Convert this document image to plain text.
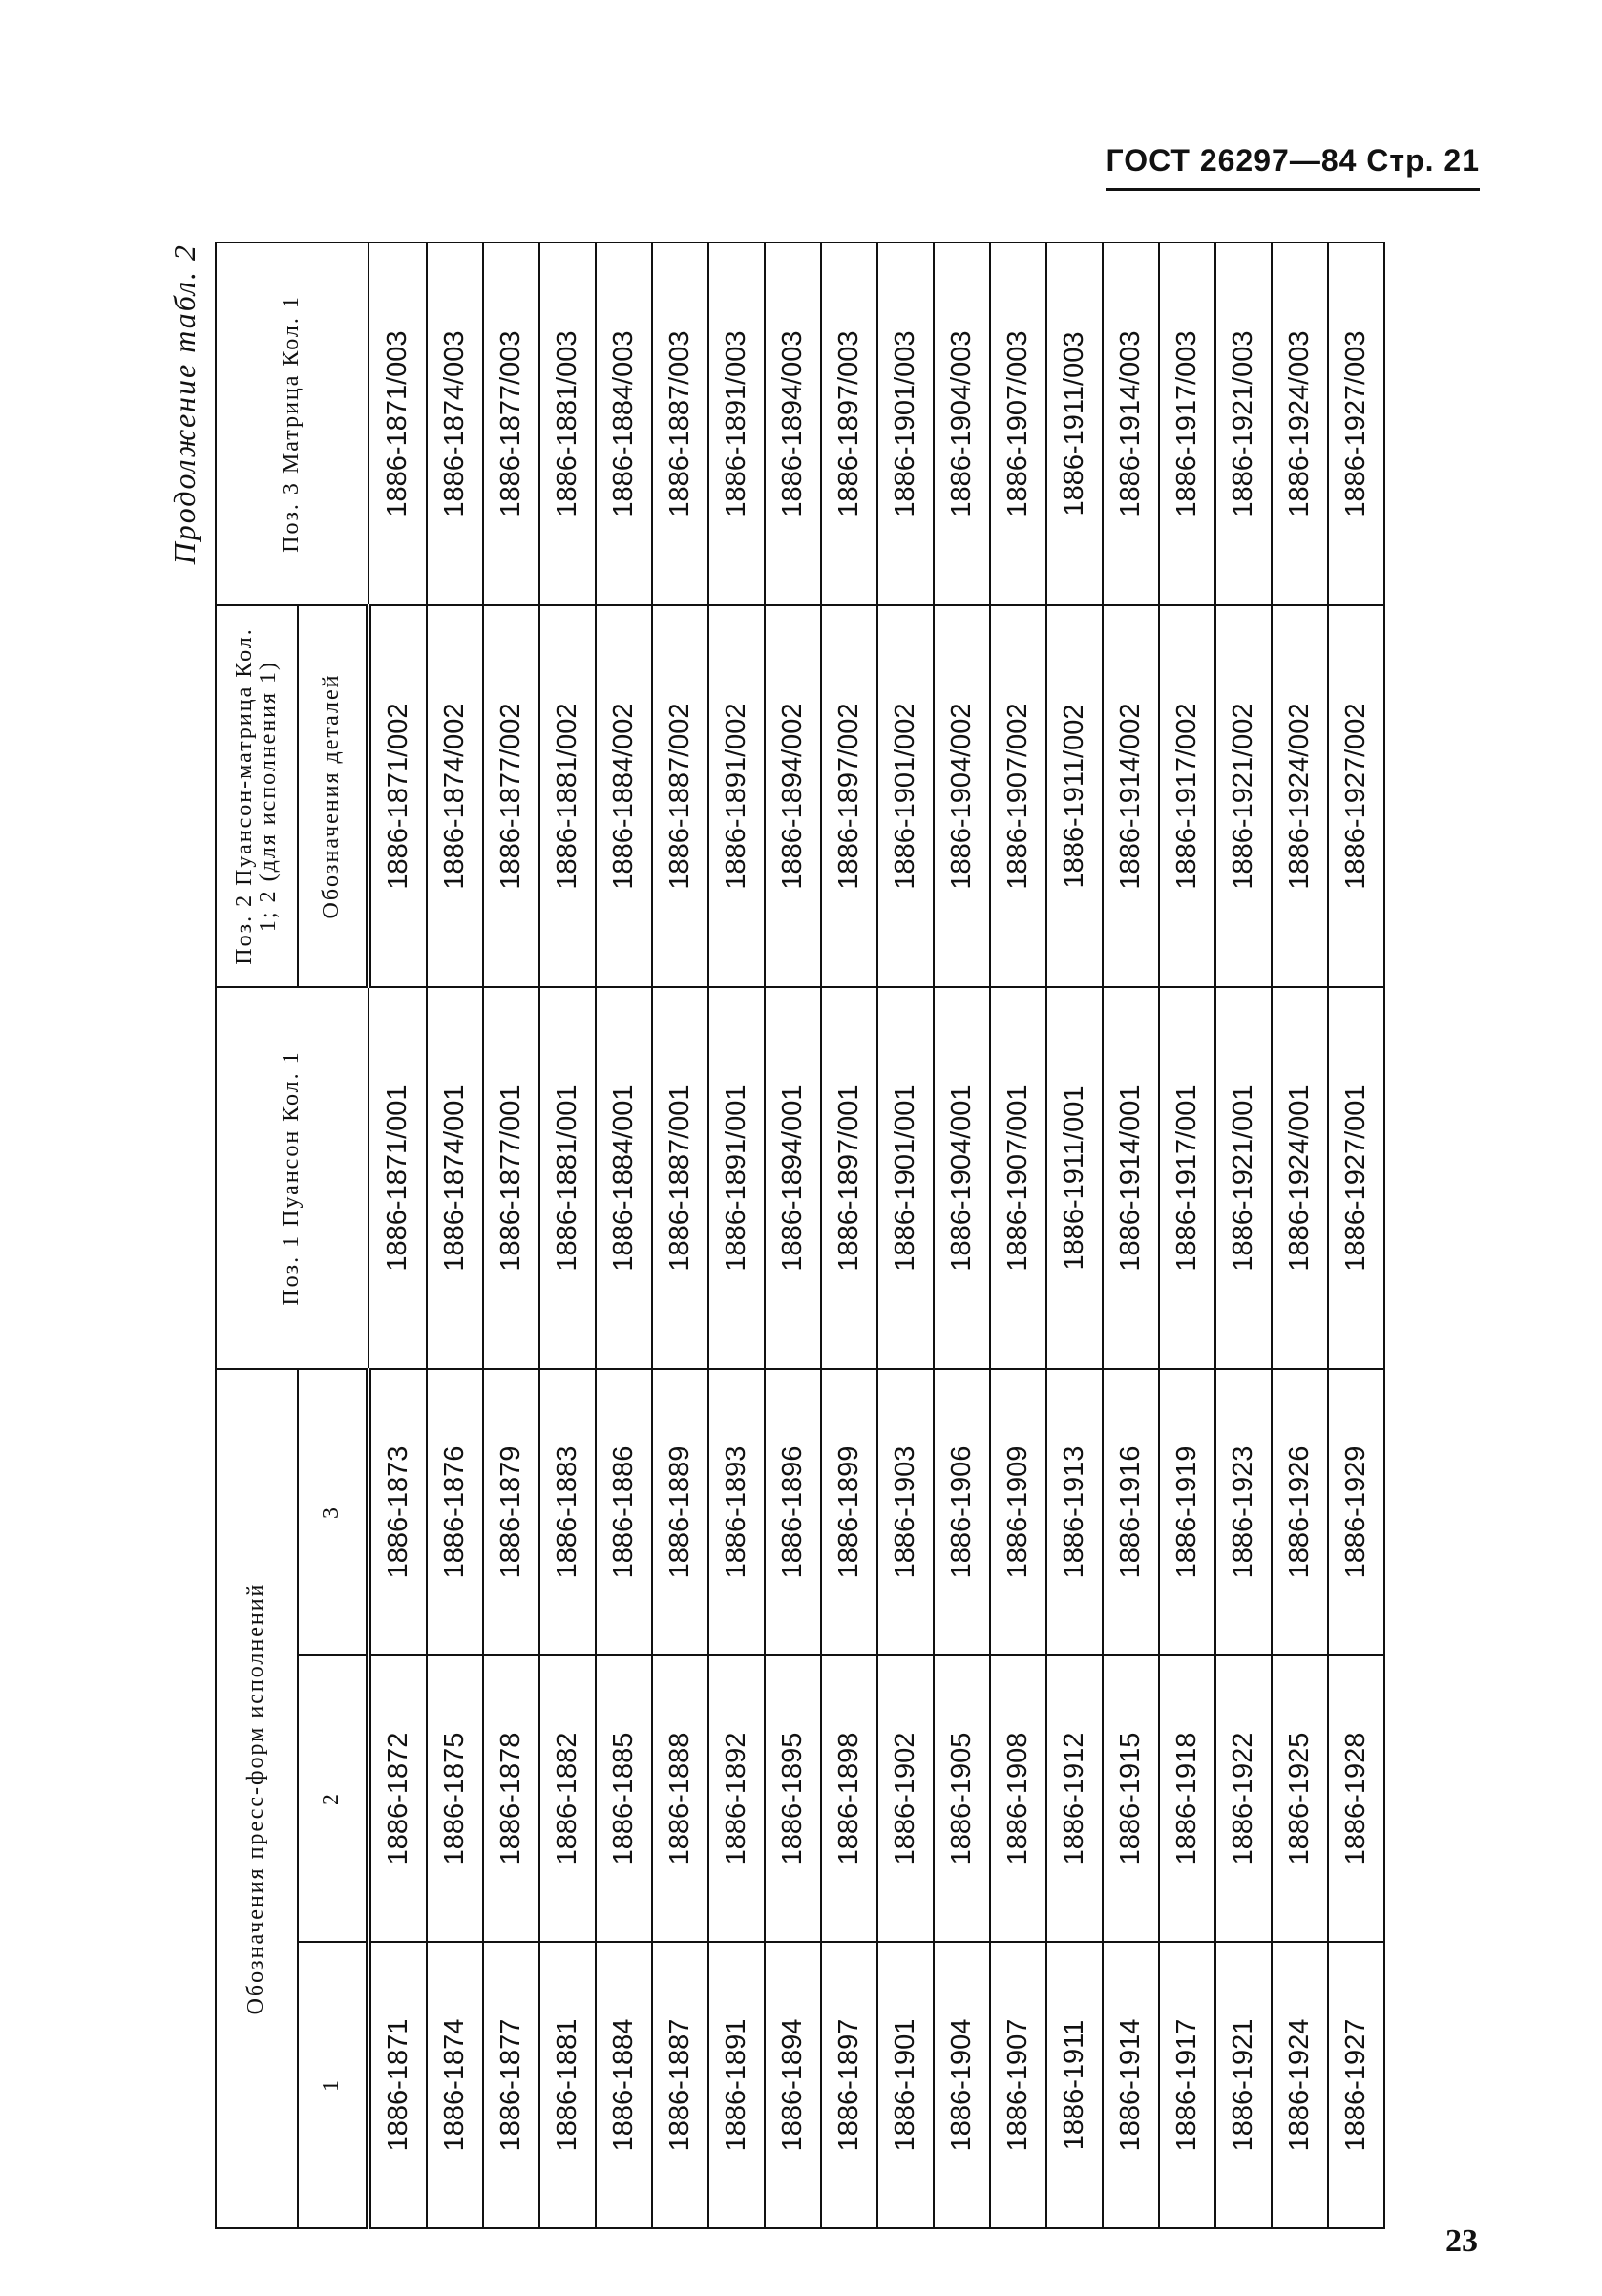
ГОСТ 26297—84 Стр. 21
Продолжение табл. 2
Обозначения пресс-форм исполнений			Поз. 1 Пуансон Кол. 1	Поз. 2 Пуансон-матрица Кол. 1; 2 (для исполнения 1)	Поз. 3 Матрица Кол. 1
1	2	3		Обозначения деталей	
1886-1871	1886-1872	1886-1873	1886-1871/001	1886-1871/002	1886-1871/003
1886-1874	1886-1875	1886-1876	1886-1874/001	1886-1874/002	1886-1874/003
1886-1877	1886-1878	1886-1879	1886-1877/001	1886-1877/002	1886-1877/003
1886-1881	1886-1882	1886-1883	1886-1881/001	1886-1881/002	1886-1881/003
1886-1884	1886-1885	1886-1886	1886-1884/001	1886-1884/002	1886-1884/003
1886-1887	1886-1888	1886-1889	1886-1887/001	1886-1887/002	1886-1887/003
1886-1891	1886-1892	1886-1893	1886-1891/001	1886-1891/002	1886-1891/003
1886-1894	1886-1895	1886-1896	1886-1894/001	1886-1894/002	1886-1894/003
1886-1897	1886-1898	1886-1899	1886-1897/001	1886-1897/002	1886-1897/003
1886-1901	1886-1902	1886-1903	1886-1901/001	1886-1901/002	1886-1901/003
1886-1904	1886-1905	1886-1906	1886-1904/001	1886-1904/002	1886-1904/003
1886-1907	1886-1908	1886-1909	1886-1907/001	1886-1907/002	1886-1907/003
1886-1911	1886-1912	1886-1913	1886-1911/001	1886-1911/002	1886-1911/003
1886-1914	1886-1915	1886-1916	1886-1914/001	1886-1914/002	1886-1914/003
1886-1917	1886-1918	1886-1919	1886-1917/001	1886-1917/002	1886-1917/003
1886-1921	1886-1922	1886-1923	1886-1921/001	1886-1921/002	1886-1921/003
1886-1924	1886-1925	1886-1926	1886-1924/001	1886-1924/002	1886-1924/003
1886-1927	1886-1928	1886-1929	1886-1927/001	1886-1927/002	1886-1927/003
23
